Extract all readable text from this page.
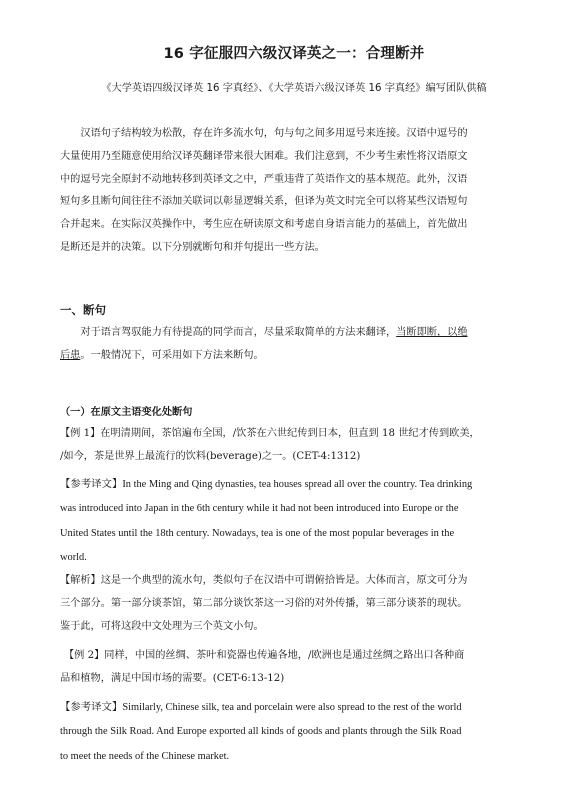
16 字征服四六级汉译英之一：合理断并
《大学英语四级汉译英 16 字真经》、《大学英语六级汉译英 16 字真经》编写团队供稿
汉语句子结构较为松散，存在许多流水句，句与句之间多用逗号来连接。汉语中逗号的
大量使用乃至随意使用给汉译英翻译带来很大困难。我们注意到，不少考生索性将汉语原文
中的逗号完全原封不动地转移到英译文之中，严重违背了英语作文的基本规范。此外，汉语
短句多且断句间往往不添加关联词以彰显逻辑关系，但译为英文时完全可以将某些汉语短句
合并起来。在实际汉英操作中，考生应在研读原文和考虑自身语言能力的基础上，首先做出
是断还是并的决策。以下分别就断句和并句提出一些方法。
一、断句
对于语言驾驭能力有待提高的同学而言，尽量采取简单的方法来翻译，当断即断，以绝
后患。一般情况下，可采用如下方法来断句。
（一）在原文主语变化处断句
【例 1】在明清期间，茶馆遍布全国，/饮茶在六世纪传到日本，但直到 18 世纪才传到欧美，
/如今，茶是世界上最流行的饮料(beverage)之一。(CET-4:1312)
【参考译文】In the Ming and Qing dynasties, tea houses spread all over the country. Tea drinking
was introduced into Japan in the 6th century while it had not been introduced into Europe or the
United States until the 18th century. Nowadays, tea is one of the most popular beverages in the
world.
【解析】这是一个典型的流水句，类似句子在汉语中可谓俯拾皆是。大体而言，原文可分为
三个部分。第一部分谈茶馆，第二部分谈饮茶这一习俗的对外传播，第三部分谈茶的现状。
鉴于此，可将这段中文处理为三个英文小句。
【例 2】同样，中国的丝绸、茶叶和瓷器也传遍各地，/欧洲也是通过丝绸之路出口各种商
品和植物，满足中国市场的需要。(CET-6:13-12)
【参考译文】Similarly, Chinese silk, tea and porcelain were also spread to the rest of the world
through the Silk Road. And Europe exported all kinds of goods and plants through the Silk Road
to meet the needs of the Chinese market.
